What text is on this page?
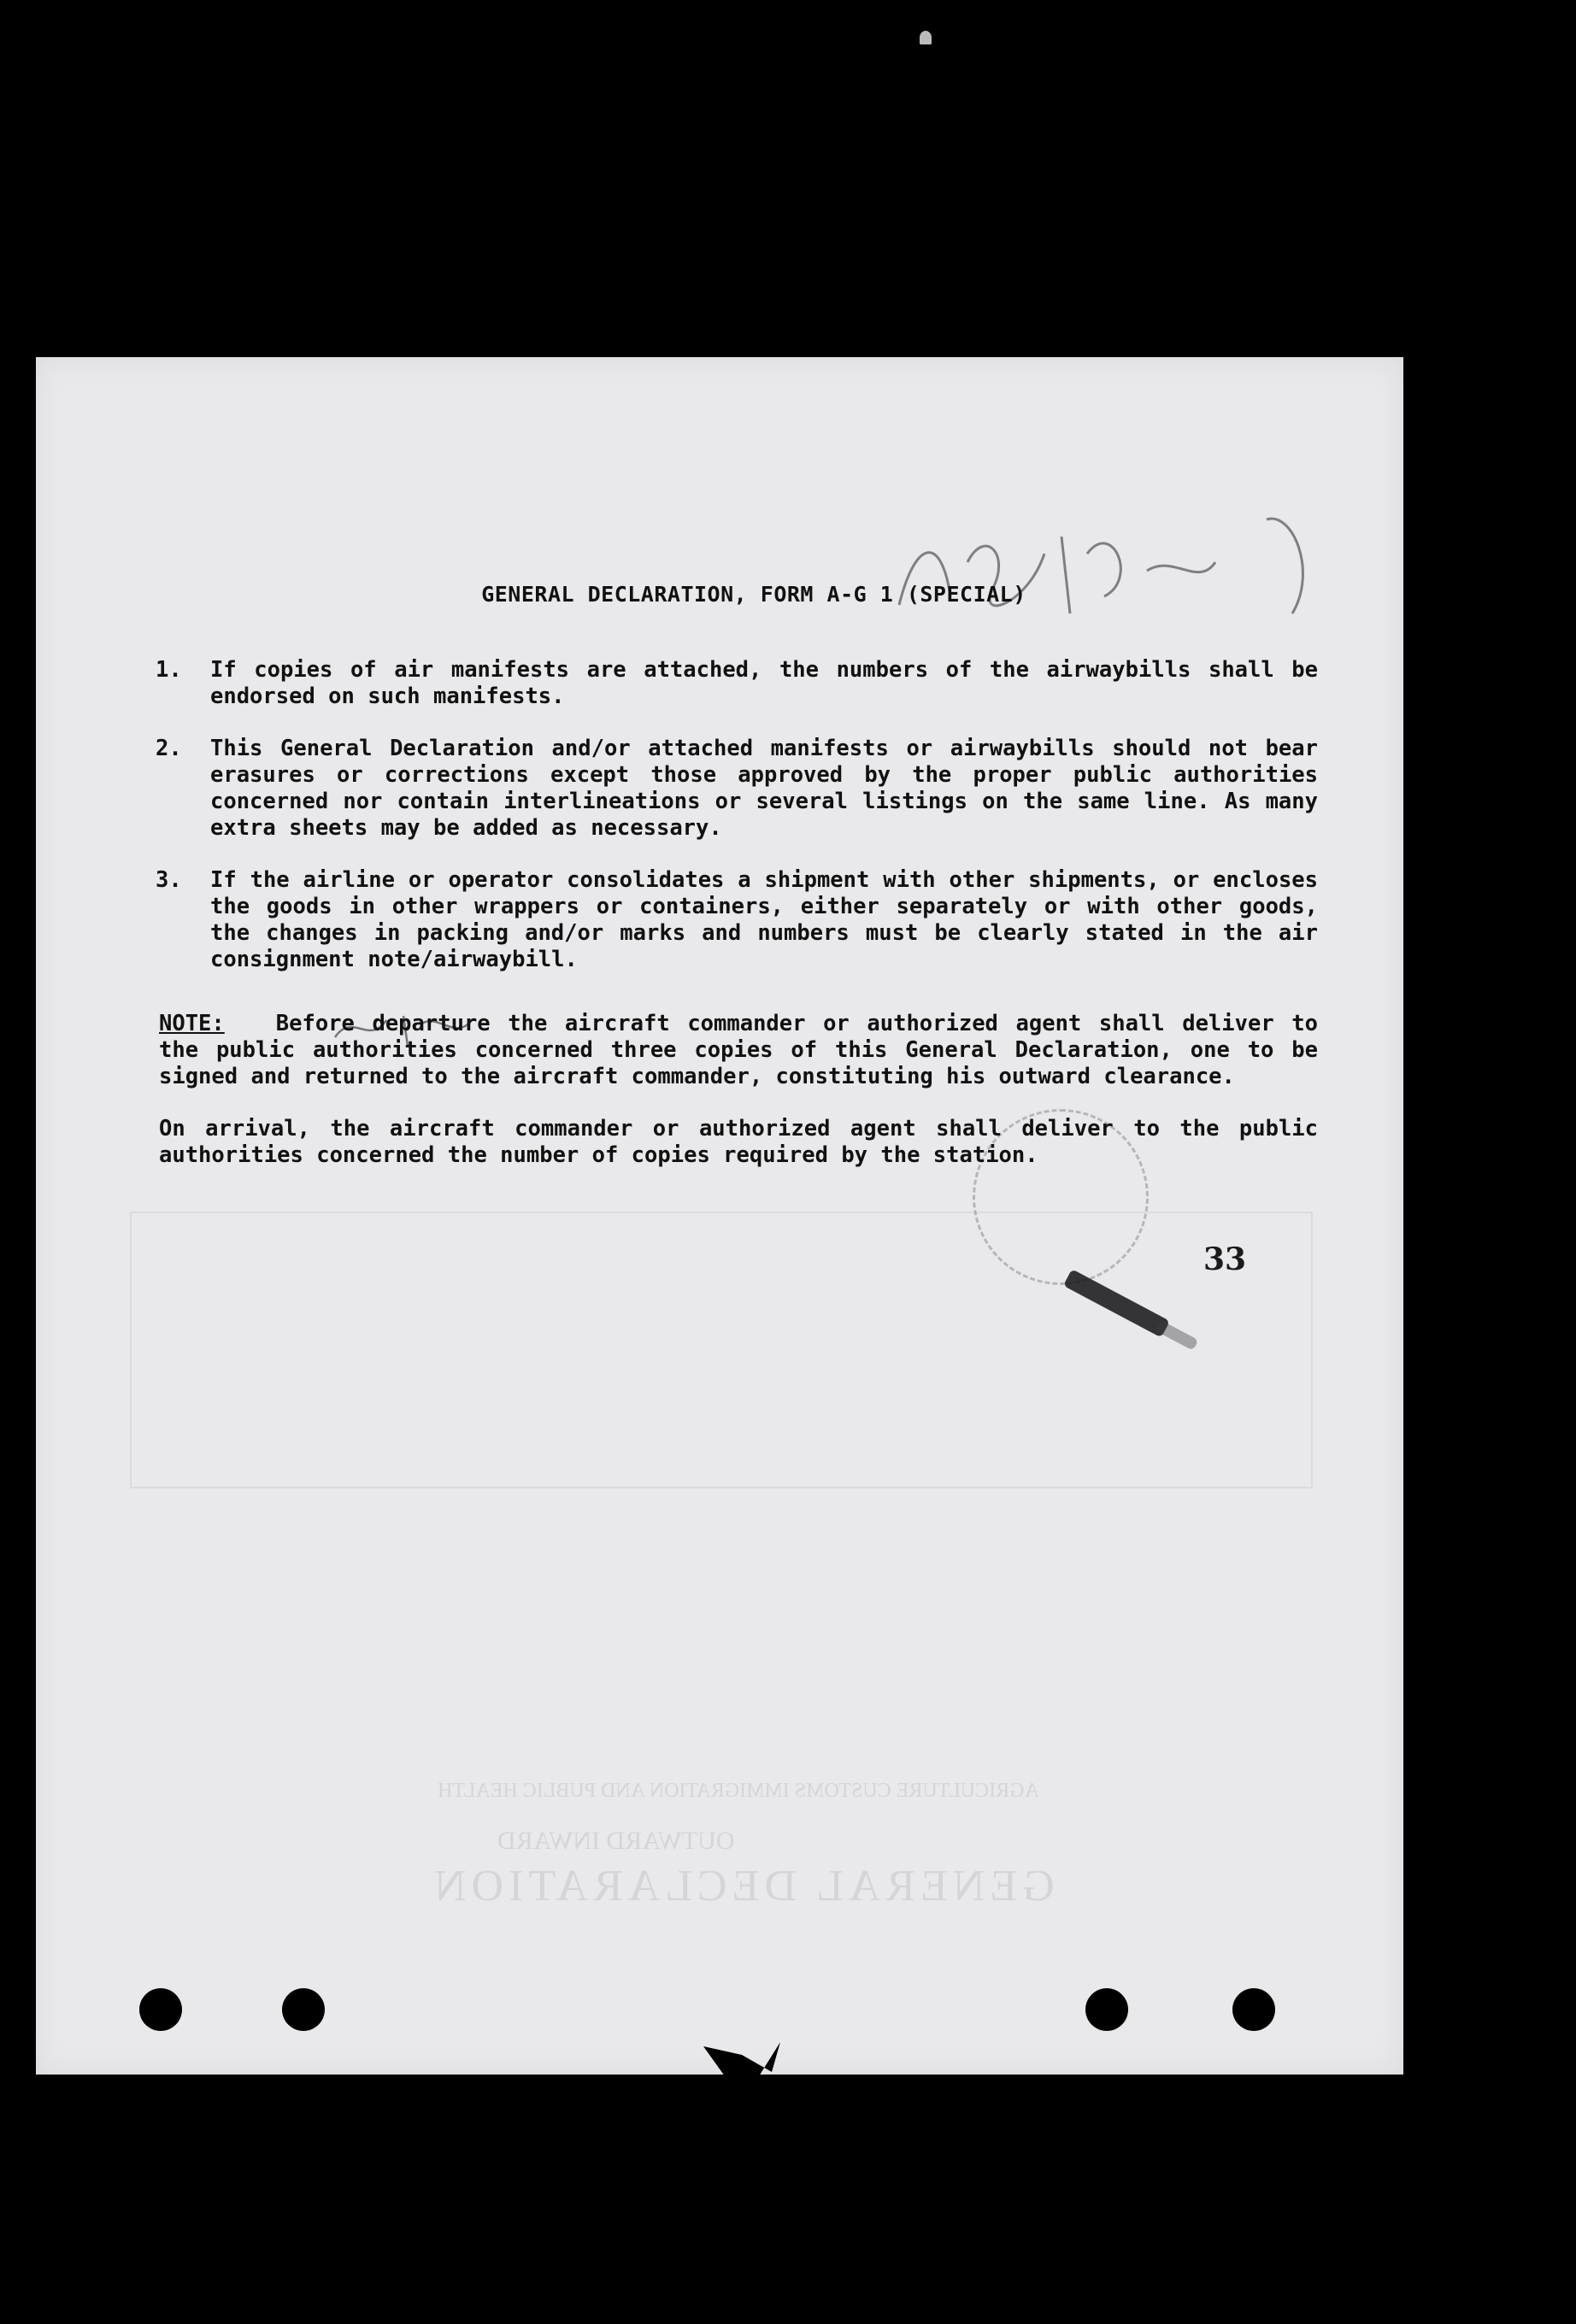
GENERAL DECLARATION
OUTWARD INWARD
AGRICULTURE CUSTOMS IMMIGRATION AND PUBLIC HEALTH
GENERAL DECLARATION, FORM A-G 1 (SPECIAL)
1.	If copies of air manifests are attached, the numbers of the airwaybills shall be endorsed on such manifests.
2.	This General Declaration and/or attached manifests or airwaybills should not bear erasures or corrections except those approved by the proper public authorities concerned nor contain interlineations or several listings on the same line. As many extra sheets may be added as necessary.
3.	If the airline or operator consolidates a shipment with other shipments, or encloses the goods in other wrappers or containers, either separately or with other goods, the changes in packing and/or marks and numbers must be clearly stated in the air consignment note/airwaybill.
NOTE: Before departure the aircraft commander or authorized agent shall deliver to the public authorities concerned three copies of this General Declaration, one to be signed and returned to the aircraft commander, constituting his outward clearance.
On arrival, the aircraft commander or authorized agent shall deliver to the public authorities concerned the number of copies required by the station.
33
